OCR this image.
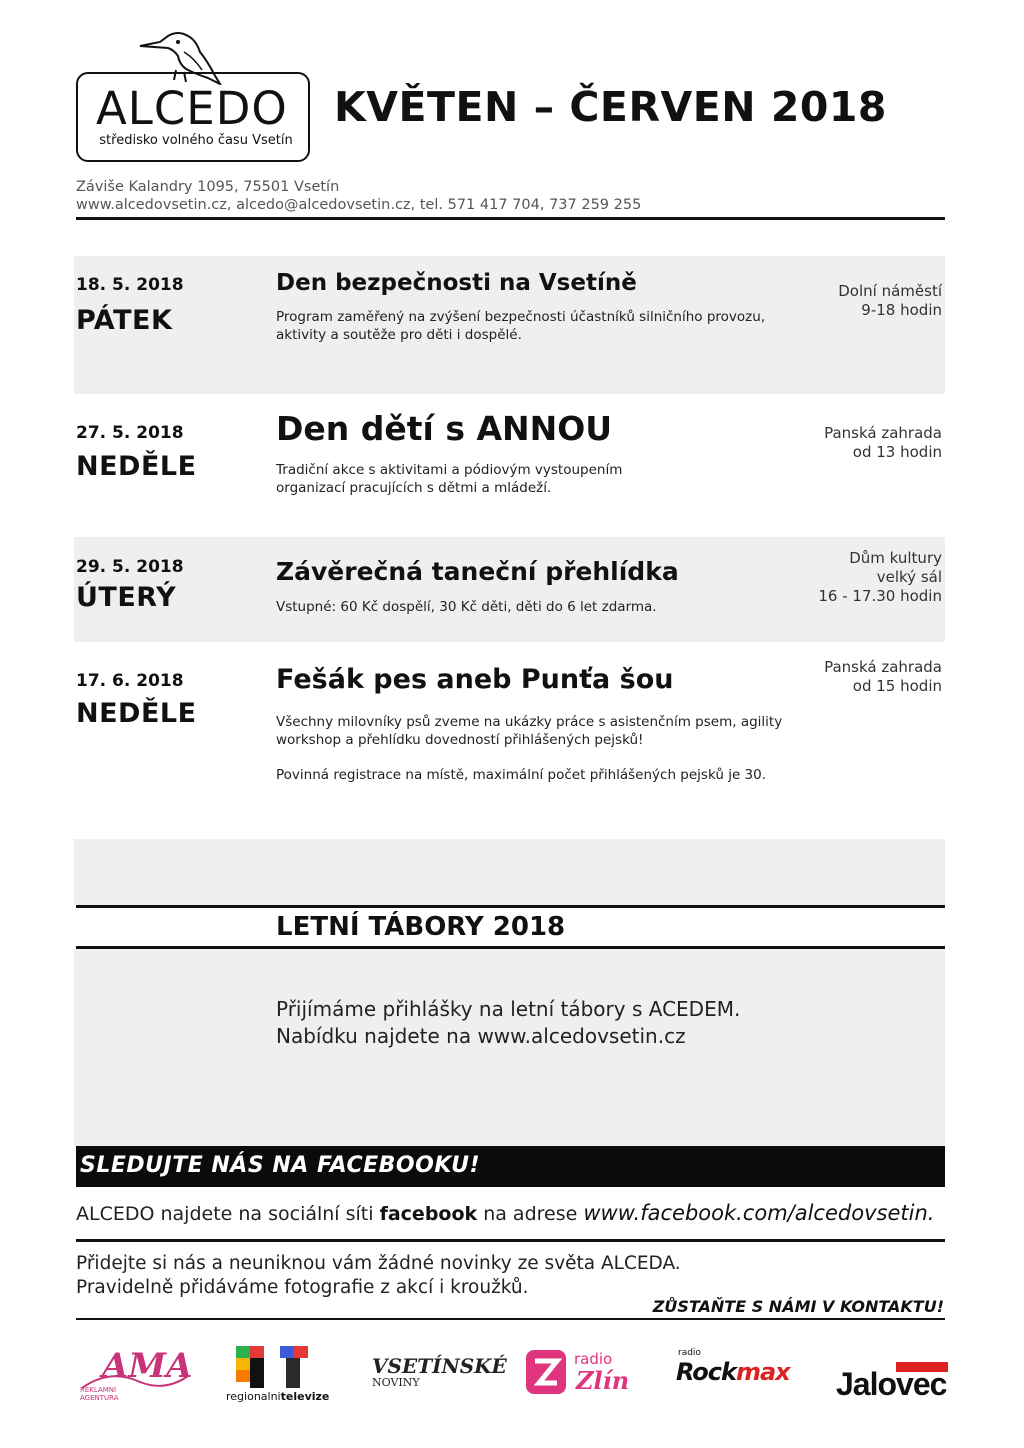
ALCEDO
středisko volného času Vsetín
KVĚTEN – ČERVEN 2018
Záviše Kalandry 1095, 75501 Vsetín
www.alcedovsetin.cz, alcedo@alcedovsetin.cz, tel. 571 417 704, 737 259 255
18. 5. 2018
PÁTEK
Den bezpečnosti na Vsetíně
Program zaměřený na zvýšení bezpečnosti účastníků silničního provozu, aktivity a soutěže pro děti i dospělé.
Dolní náměstí
9-18 hodin
27. 5. 2018
NEDĚLE
Den dětí s ANNOU
Tradiční akce s aktivitami a pódiovým vystoupením organizací pracujících s dětmi a mládeží.
Panská zahrada
od 13 hodin
29. 5. 2018
ÚTERÝ
Závěrečná taneční přehlídka
Vstupné: 60 Kč dospělí, 30 Kč děti, děti do 6 let zdarma.
Dům kultury
velký sál
16 - 17.30 hodin
17. 6. 2018
NEDĚLE
Fešák pes aneb Punťa šou
Všechny milovníky psů zveme na ukázky práce s asistenčním psem, agility workshop a přehlídku dovedností přihlášených pejsků!
Povinná registrace na místě, maximální počet přihlášených pejsků je 30.
Panská zahrada
od 15 hodin
LETNÍ TÁBORY 2018
Přijímáme přihlášky na letní tábory s ACEDEM.
Nabídku najdete na www.alcedovsetin.cz
SLEDUJTE NÁS NA FACEBOOKU!
ALCEDO najdete na sociální síti facebook na adrese www.facebook.com/alcedovsetin.
Přidejte si nás a neuniknou vám žádné novinky ze světa ALCEDA.
Pravidelně přidáváme fotografie z akcí i kroužků.
ZŮSTAŇTE S NÁMI V KONTAKTU!
AMA
REKLAMNÍ AGENTURA	regionalnitelevize
VSETÍNSKÉ
NOVINY
radio
Zlín
radio
Rockmax Jalovec
